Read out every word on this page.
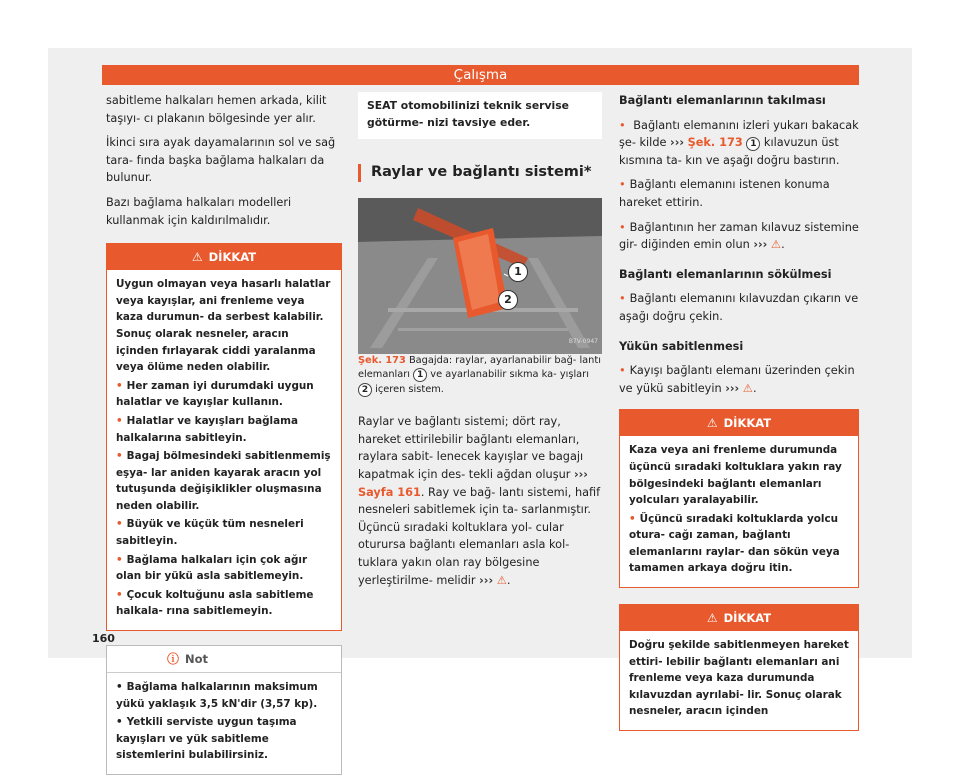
Çalışma

sabitleme halkaları hemen arkada, kilit taşıyı- cı plakanın bölgesinde yer alır.

İkinci sıra ayak dayamalarının sol ve sağ tara- fında başka bağlama halkaları da bulunur.

Bazı bağlama halkaları modelleri kullanmak için kaldırılmalıdır.

⚠ DİKKAT

Uygun olmayan veya hasarlı halatlar veya kayışlar, ani frenleme veya kaza durumun- da serbest kalabilir. Sonuç olarak nesneler, aracın içinden fırlayarak ciddi yaralanma veya ölüme neden olabilir.

• Her zaman iyi durumdaki uygun halatlar ve kayışlar kullanın.

• Halatlar ve kayışları bağlama halkalarına sabitleyin.

• Bagaj bölmesindeki sabitlenmemiş eşya- lar aniden kayarak aracın yol tutuşunda değişiklikler oluşmasına neden olabilir.

• Büyük ve küçük tüm nesneleri sabitleyin.

• Bağlama halkaları için çok ağır olan bir yükü asla sabitlemeyin.

• Çocuk koltuğunu asla sabitleme halkala- rına sabitlemeyin.

ⓘ Not

• Bağlama halkalarının maksimum yükü yaklaşık 3,5 kN'dir (3,57 kp).

• Yetkili serviste uygun taşıma kayışları ve yük sabitleme sistemlerini bulabilirsiniz.

SEAT otomobilinizi teknik servise götürme- nizi tavsiye eder.

Raylar ve bağlantı sistemi*

1
2
B7V-0947

Şek. 173 Bagajda: raylar, ayarlanabilir bağ- lantı elemanları 1 ve ayarlanabilir sıkma ka- yışları 2 içeren sistem.

Raylar ve bağlantı sistemi; dört ray, hareket ettirilebilir bağlantı elemanları, raylara sabit- lenecek kayışlar ve bagajı kapatmak için des- tekli ağdan oluşur ››› Sayfa 161. Ray ve bağ- lantı sistemi, hafif nesneleri sabitlemek için ta- sarlanmıştır. Üçüncü sıradaki koltuklara yol- cular oturursa bağlantı elemanları asla kol- tuklara yakın olan ray bölgesine yerleştirilme- melidir ››› ⚠.

Bağlantı elemanlarının takılması

• Bağlantı elemanını izleri yukarı bakacak şe- kilde ››› Şek. 173 1 kılavuzun üst kısmına ta- kın ve aşağı doğru bastırın.

• Bağlantı elemanını istenen konuma hareket ettirin.

• Bağlantının her zaman kılavuz sistemine gir- diğinden emin olun ››› ⚠.

Bağlantı elemanlarının sökülmesi

• Bağlantı elemanını kılavuzdan çıkarın ve aşağı doğru çekin.

Yükün sabitlenmesi

• Kayışı bağlantı elemanı üzerinden çekin ve yükü sabitleyin ››› ⚠.

⚠ DİKKAT

Kaza veya ani frenleme durumunda üçüncü sıradaki koltuklara yakın ray bölgesindeki bağlantı elemanları yolcuları yaralayabilir.

• Üçüncü sıradaki koltuklarda yolcu otura- cağı zaman, bağlantı elemanlarını raylar- dan sökün veya tamamen arkaya doğru itin.

⚠ DİKKAT

Doğru şekilde sabitlenmeyen hareket ettiri- lebilir bağlantı elemanları ani frenleme veya kaza durumunda kılavuzdan ayrılabi- lir. Sonuç olarak nesneler, aracın içinden

160
